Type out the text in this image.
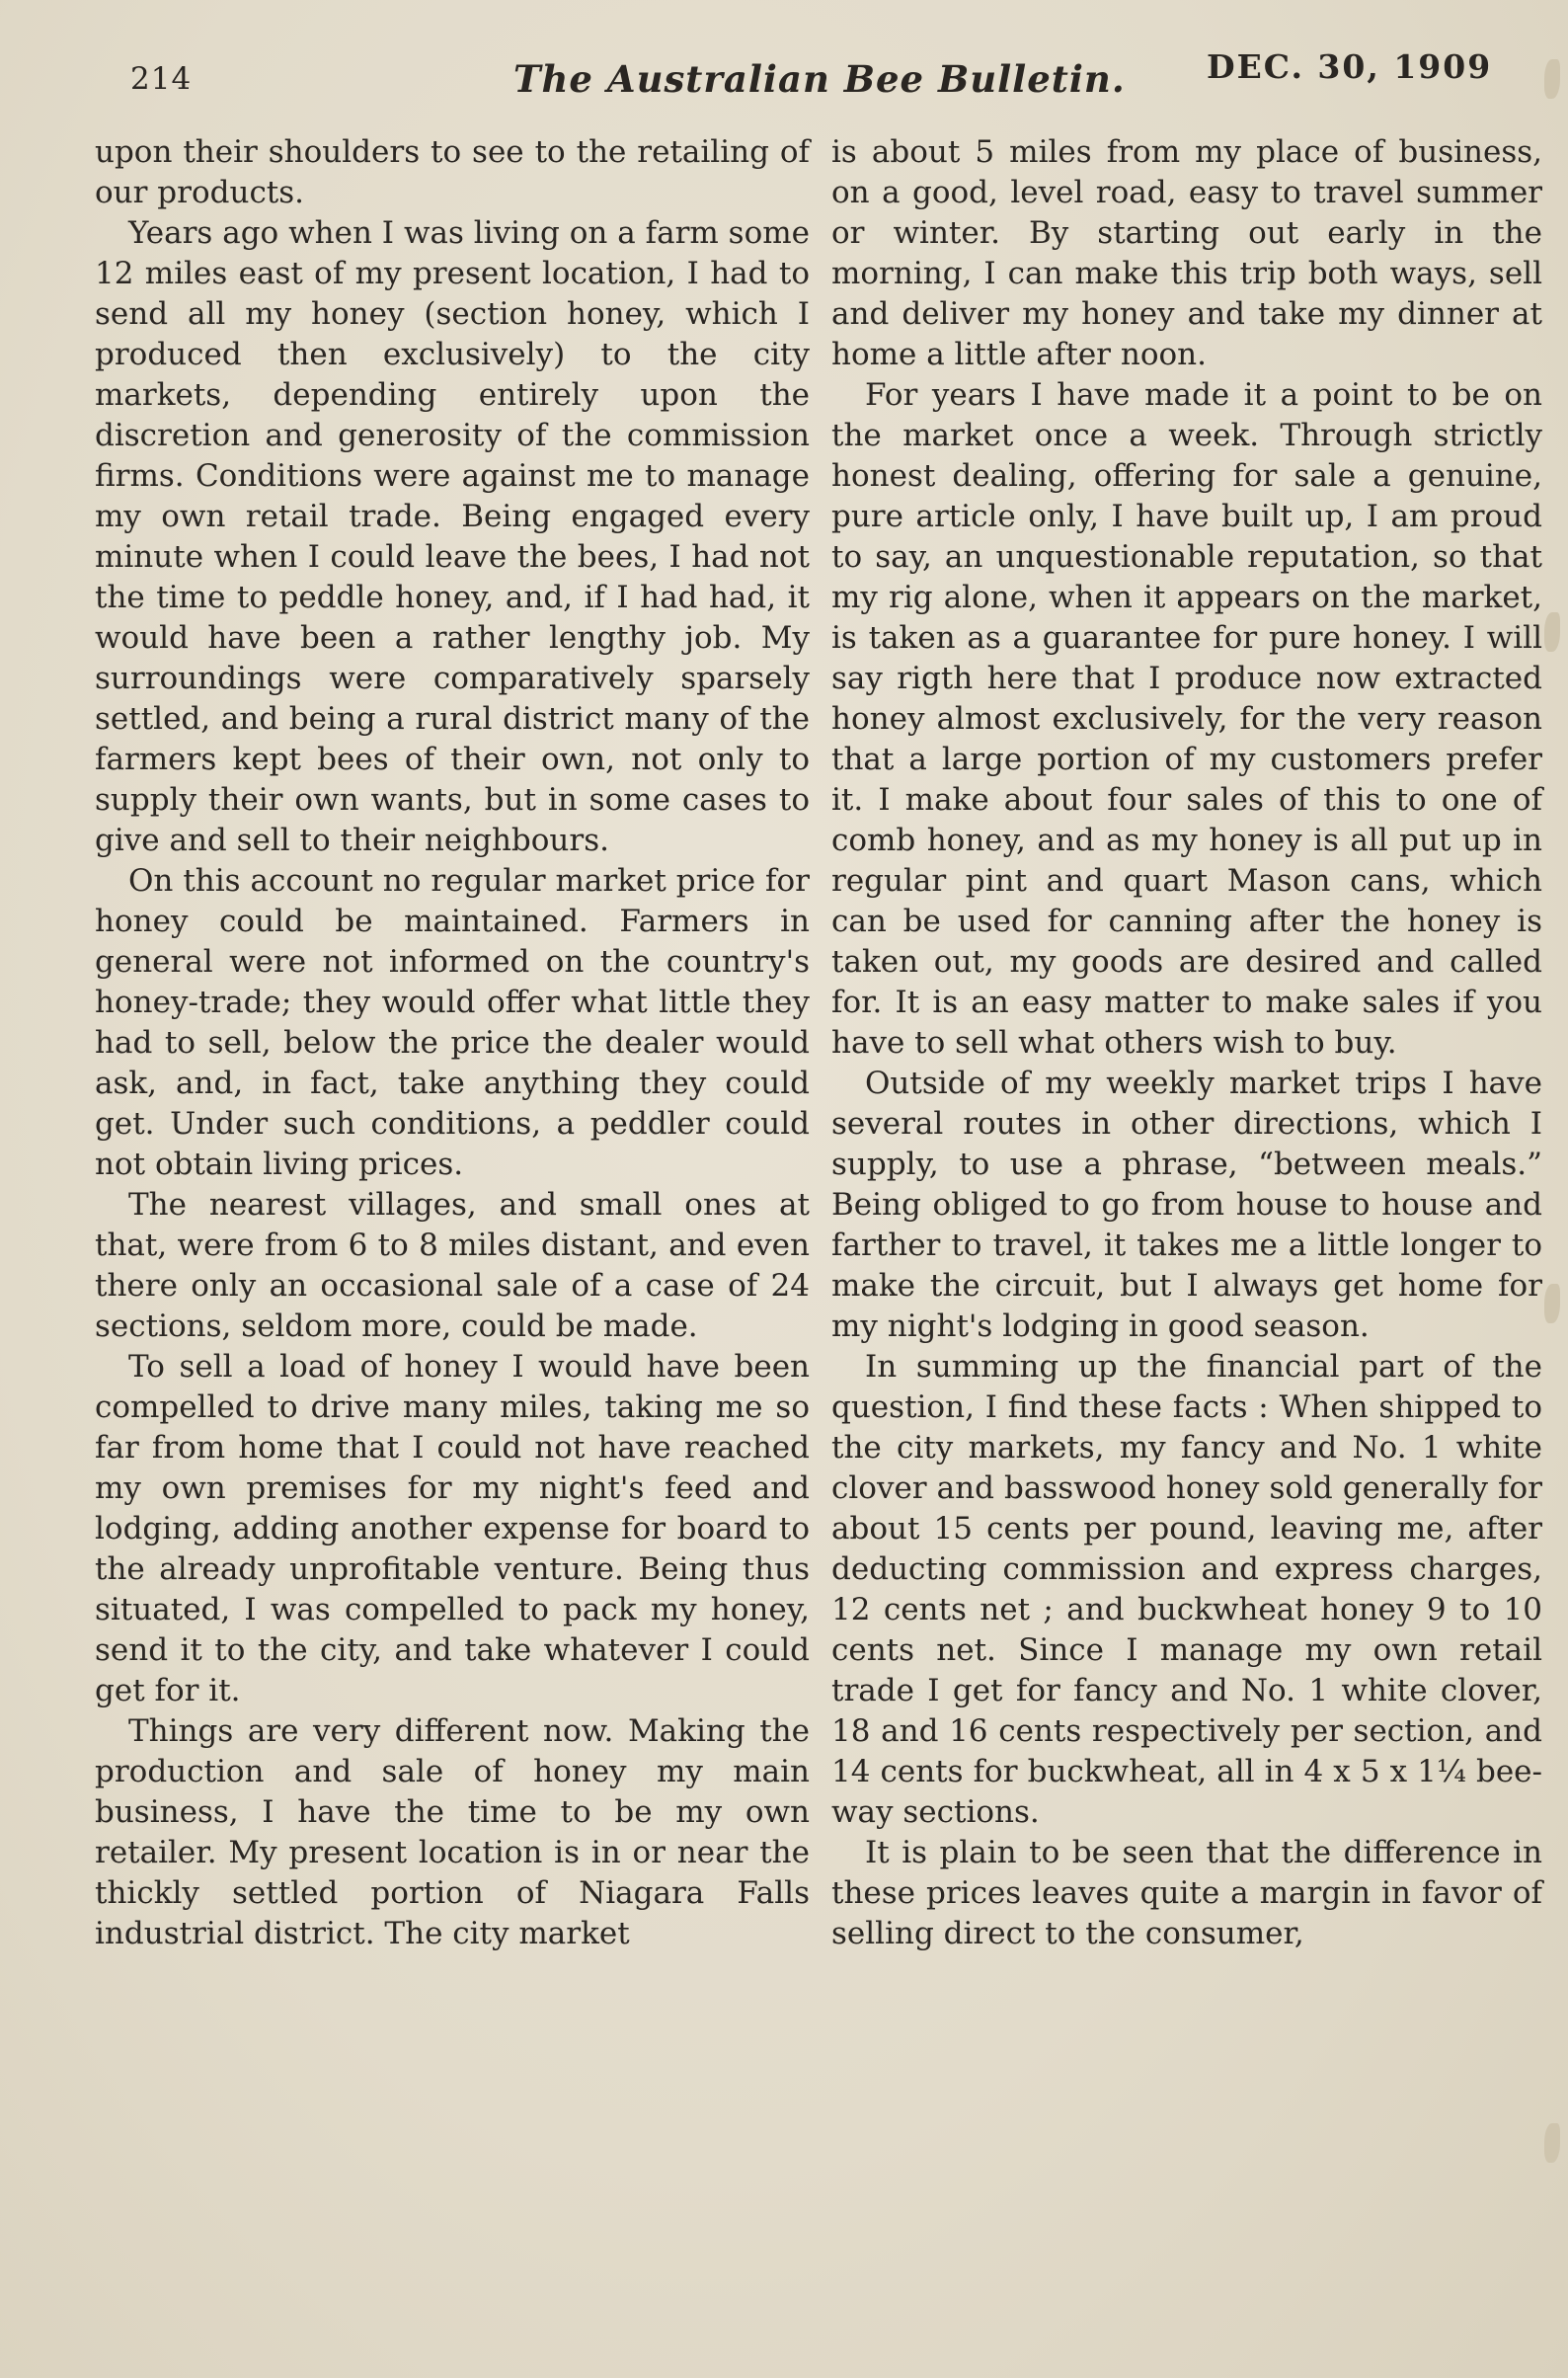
214	The Australian Bee Bulletin. DEC. 30, 1909

upon their shoulders to see to the retailing of our products.

Years ago when I was living on a farm some 12 miles east of my present location, I had to send all my honey (section honey, which I produced then exclusively) to the city markets, depending entirely upon the discretion and generosity of the commission firms. Conditions were against me to manage my own retail trade. Being engaged every minute when I could leave the bees, I had not the time to peddle honey, and, if I had had, it would have been a rather lengthy job. My surroundings were comparatively sparsely settled, and being a rural district many of the farmers kept bees of their own, not only to supply their own wants, but in some cases to give and sell to their neighbours.

On this account no regular market price for honey could be maintained. Farmers in general were not informed on the country's honey-trade; they would offer what little they had to sell, below the price the dealer would ask, and, in fact, take anything they could get. Under such conditions, a peddler could not obtain living prices.

The nearest villages, and small ones at that, were from 6 to 8 miles distant, and even there only an occasional sale of a case of 24 sections, seldom more, could be made.

To sell a load of honey I would have been compelled to drive many miles, taking me so far from home that I could not have reached my own premises for my night's feed and lodging, adding another expense for board to the already unprofitable venture. Being thus situated, I was compelled to pack my honey, send it to the city, and take whatever I could get for it.

Things are very different now. Making the production and sale of honey my main business, I have the time to be my own retailer. My present location is in or near the thickly settled portion of Niagara Falls industrial district. The city market

is about 5 miles from my place of business, on a good, level road, easy to travel summer or winter. By starting out early in the morning, I can make this trip both ways, sell and deliver my honey and take my dinner at home a little after noon.

For years I have made it a point to be on the market once a week. Through strictly honest dealing, offering for sale a genuine, pure article only, I have built up, I am proud to say, an unquestionable reputation, so that my rig alone, when it appears on the market, is taken as a guarantee for pure honey. I will say rigth here that I produce now extracted honey almost exclusively, for the very reason that a large portion of my customers prefer it. I make about four sales of this to one of comb honey, and as my honey is all put up in regular pint and quart Mason cans, which can be used for canning after the honey is taken out, my goods are desired and called for. It is an easy matter to make sales if you have to sell what others wish to buy.

Outside of my weekly market trips I have several routes in other directions, which I supply, to use a phrase, “between meals.” Being obliged to go from house to house and farther to travel, it takes me a little longer to make the circuit, but I always get home for my night's lodging in good season.

In summing up the financial part of the question, I find these facts : When shipped to the city markets, my fancy and No. 1 white clover and basswood honey sold generally for about 15 cents per pound, leaving me, after deducting commission and express charges, 12 cents net ; and buckwheat honey 9 to 10 cents net. Since I manage my own retail trade I get for fancy and No. 1 white clover, 18 and 16 cents respectively per section, and 14 cents for buckwheat, all in 4 x 5 x 1¼ bee-way sections.

It is plain to be seen that the difference in these prices leaves quite a margin in favor of selling direct to the consumer,
